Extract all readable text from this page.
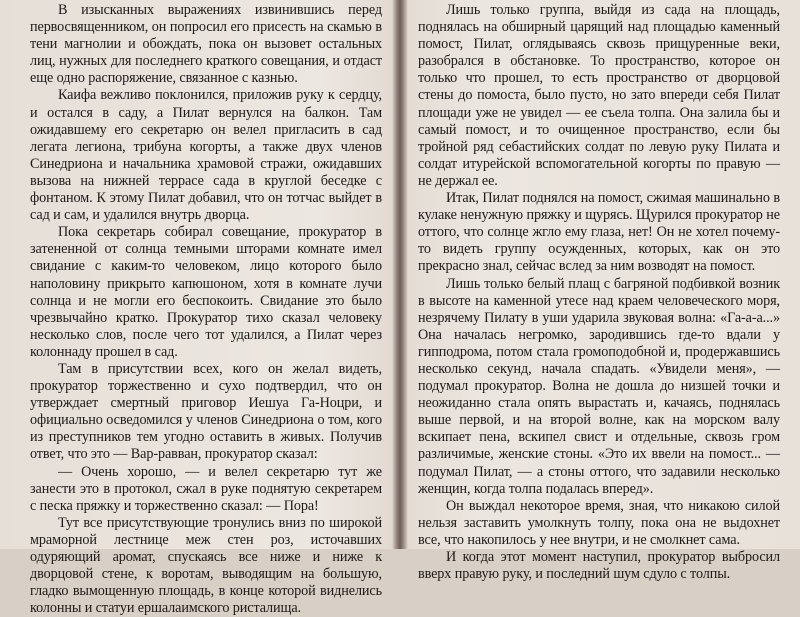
В изысканных выражениях извинившись перед первосвященником, он попросил его присесть на скамью в тени магнолии и обождать, пока он вызовет остальных лиц, нужных для последнего краткого совещания, и отдаст еще одно распоряжение, связанное с казнью.

Каифа вежливо поклонился, приложив руку к сердцу, и остался в саду, а Пилат вернулся на балкон. Там ожидавшему его секретарю он велел пригласить в сад легата легиона, трибуна когорты, а также двух членов Синедриона и начальника храмовой стражи, ожидавших вызова на нижней террасе сада в круглой беседке с фонтаном. К этому Пилат добавил, что он тотчас выйдет в сад и сам, и удалился внутрь дворца.

Пока секретарь собирал совещание, прокуратор в затененной от солнца темными шторами комнате имел свидание с каким-то человеком, лицо которого было наполовину прикрыто капюшоном, хотя в комнате лучи солнца и не могли его беспокоить. Свидание это было чрезвычайно кратко. Прокуратор тихо сказал человеку несколько слов, после чего тот удалился, а Пилат через колоннаду прошел в сад.

Там в присутствии всех, кого он желал видеть, прокуратор торжественно и сухо подтвердил, что он утверждает смертный приговор Иешуа Га-Ноцри, и официально осведомился у членов Синедриона о том, кого из преступников тем угодно оставить в живых. Получив ответ, что это — Вар-равван, прокуратор сказал:

— Очень хорошо, — и велел секретарю тут же занести это в протокол, сжал в руке поднятую секретарем с песка пряжку и торжественно сказал: — Пора!

Тут все присутствующие тронулись вниз по широкой мраморной лестнице меж стен роз, источавших одуряющий аромат, спускаясь все ниже и ниже к дворцовой стене, к воротам, выводящим на большую, гладко вымощенную площадь, в конце которой виднелись колонны и статуи ершалаимского ристалища.

Лишь только группа, выйдя из сада на площадь, поднялась на обширный царящий над площадью каменный помост, Пилат, оглядываясь сквозь прищуренные веки, разобрался в обстановке. То пространство, которое он только что прошел, то есть пространство от дворцовой стены до помоста, было пусто, но зато впереди себя Пилат площади уже не увидел — ее съела толпа. Она залила бы и самый помост, и то очищенное пространство, если бы тройной ряд себастийских солдат по левую руку Пилата и солдат итурейской вспомогательной когорты по правую — не держал ее.

Итак, Пилат поднялся на помост, сжимая машинально в кулаке ненужную пряжку и щурясь. Щурился прокуратор не оттого, что солнце жгло ему глаза, нет! Он не хотел почему-то видеть группу осужденных, которых, как он это прекрасно знал, сейчас вслед за ним возводят на помост.

Лишь только белый плащ с багряной подбивкой возник в высоте на каменной утесе над краем человеческого моря, незрячему Пилату в уши ударила звуковая волна: «Га-а-а...» Она началась негромко, зародившись где-то вдали у гипподрома, потом стала громоподобной и, продержавшись несколько секунд, начала спадать. «Увидели меня», — подумал прокуратор. Волна не дошла до низшей точки и неожиданно стала опять вырастать и, качаясь, поднялась выше первой, и на второй волне, как на морском валу вскипает пена, вскипел свист и отдельные, сквозь гром различимые, женские стоны. «Это их ввели на помост... — подумал Пилат, — а стоны оттого, что задавили несколько женщин, когда толпа подалась вперед».

Он выждал некоторое время, зная, что никакою силой нельзя заставить умолкнуть толпу, пока она не выдохнет все, что накопилось у нее внутри, и не смолкнет сама.

И когда этот момент наступил, прокуратор выбросил вверх правую руку, и последний шум сдуло с толпы.
